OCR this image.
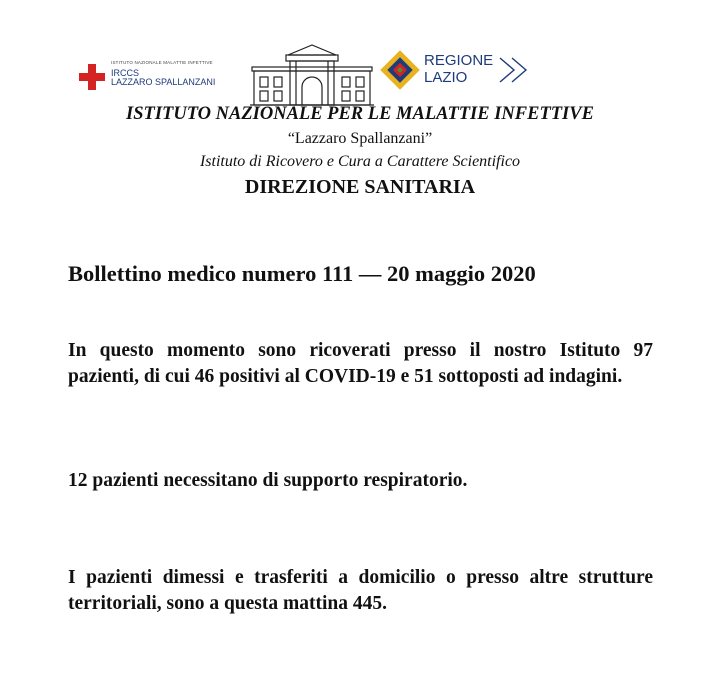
ISTITUTO NAZIONALE MALATTIE INFETTIVE
IRCCS
LAZZARO SPALLANZANI
REGIONE
LAZIO
ISTITUTO NAZIONALE PER LE MALATTIE INFETTIVE
“Lazzaro Spallanzani”
Istituto di Ricovero e Cura a Carattere Scientifico
DIREZIONE SANITARIA
Bollettino medico numero 111 — 20 maggio 2020
In questo momento sono ricoverati presso il nostro Istituto 97 pazienti, di cui 46 positivi al COVID-19 e 51 sottoposti ad indagini.
12 pazienti necessitano di supporto respiratorio.
I pazienti dimessi e trasferiti a domicilio o presso altre strutture territoriali, sono a questa mattina 445.
